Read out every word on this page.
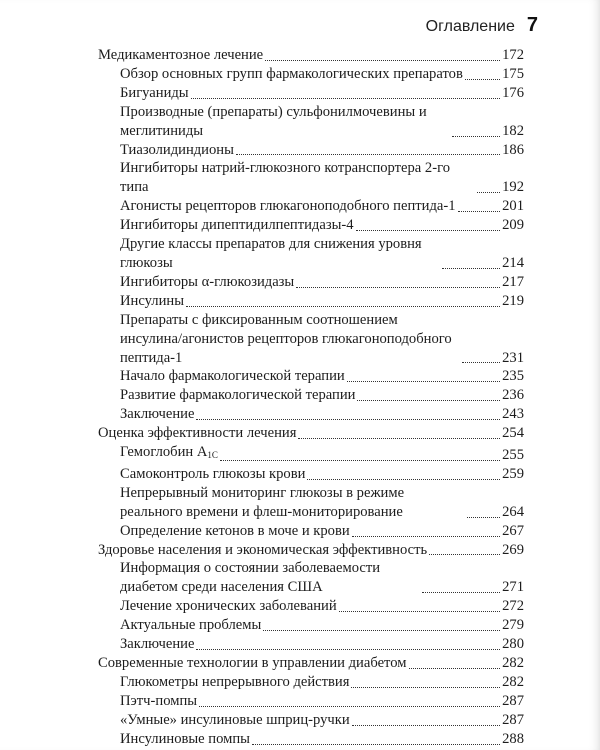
Оглавление 7
Медикаментозное лечение	172
Обзор основных групп фармакологических препаратов	175
Бигуаниды	176
Производные (препараты) сульфонилмочевины и меглитиниды	182
Тиазолидиндионы	186
Ингибиторы натрий-глюкозного котранспортера 2-го типа	192
Агонисты рецепторов глюкагоноподобного пептида-1	201
Ингибиторы дипептидилпептидазы-4	209
Другие классы препаратов для снижения уровня глюкозы	214
Ингибиторы α-глюкозидазы	217
Инсулины	219
Препараты с фиксированным соотношением инсулина/агонистов рецепторов глюкагоноподобного пептида-1	231
Начало фармакологической терапии	235
Развитие фармакологической терапии	236
Заключение	243
Оценка эффективности лечения	254
Гемоглобин $A_{1C}$	255
Самоконтроль глюкозы крови	259
Непрерывный мониторинг глюкозы в режиме реального времени и флеш-мониторирование	264
Определение кетонов в моче и крови	267
Здоровье населения и экономическая эффективность	269
Информация о состоянии заболеваемости диабетом среди населения США	271
Лечение хронических заболеваний	272
Актуальные проблемы	279
Заключение	280
Современные технологии в управлении диабетом	282
Глюкометры непрерывного действия	282
Пэтч-помпы	287
«Умные» инсулиновые шприц-ручки	287
Инсулиновые помпы	288
